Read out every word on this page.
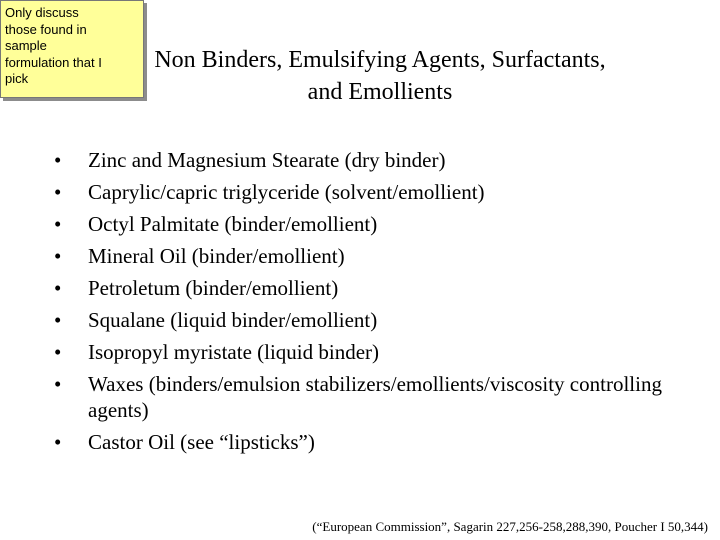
Non Binders, Emulsifying Agents, Surfactants,
and Emollients
Only discuss
those found in
sample
formulation that I
pick
• Zinc and Magnesium Stearate (dry binder)
• Caprylic/capric triglyceride (solvent/emollient)
• Octyl Palmitate (binder/emollient)
• Mineral Oil (binder/emollient)
• Petroletum (binder/emollient)
• Squalane (liquid binder/emollient)
• Isopropyl myristate (liquid binder)
• Waxes (binders/emulsion stabilizers/emollients/viscosity controlling agents)
• Castor Oil (see “lipsticks”)
(“European Commission”, Sagarin 227,256-258,288,390, Poucher I 50,344)
